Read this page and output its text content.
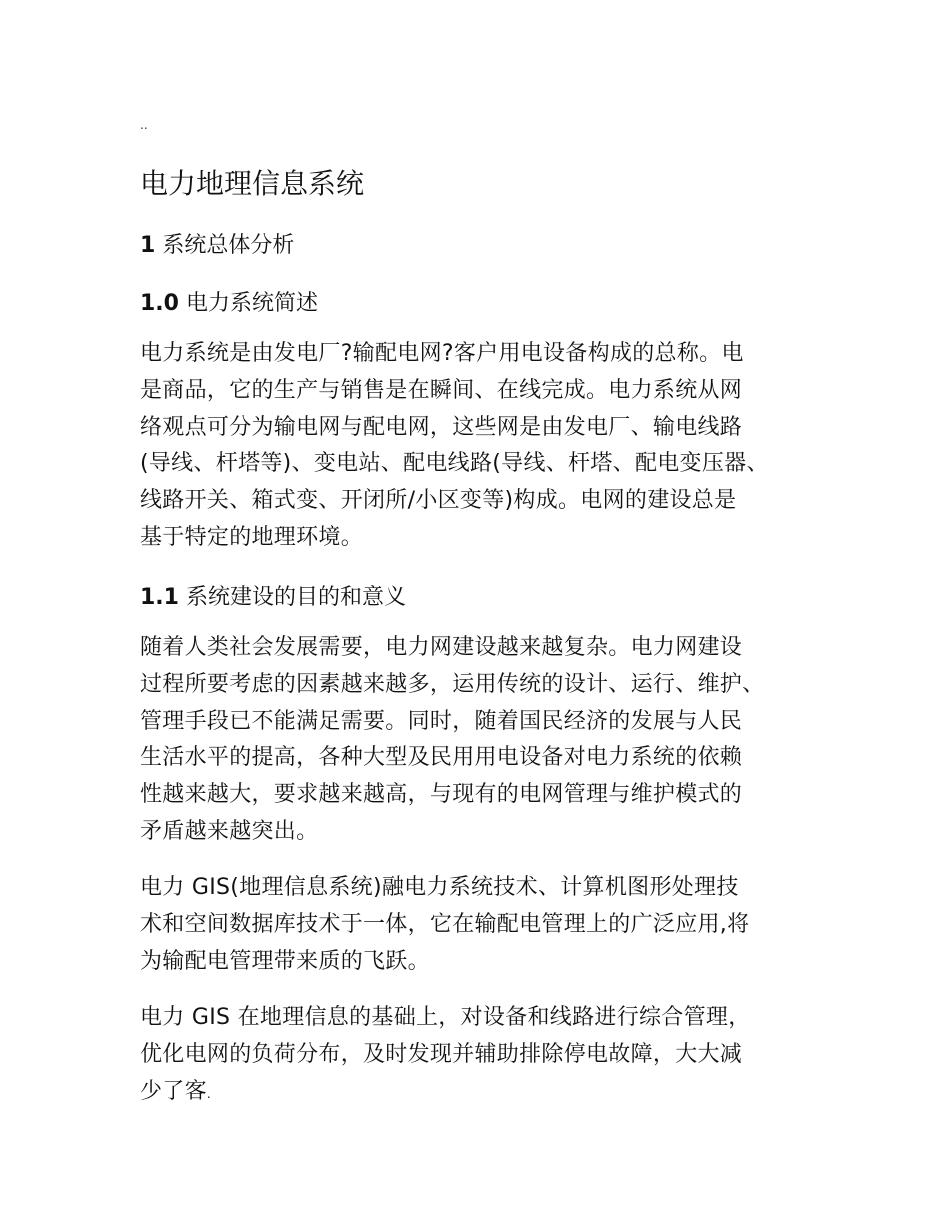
..
电力地理信息系统
1 系统总体分析
1.0 电力系统简述
电力系统是由发电厂?输配电网?客户用电设备构成的总称。电
是商品，它的生产与销售是在瞬间、在线完成。电力系统从网
络观点可分为输电网与配电网，这些网是由发电厂、输电线路
(导线、杆塔等)、变电站、配电线路(导线、杆塔、配电变压器、
线路开关、箱式变、开闭所/小区变等)构成。电网的建设总是
基于特定的地理环境。
1.1 系统建设的目的和意义
随着人类社会发展需要，电力网建设越来越复杂。电力网建设
过程所要考虑的因素越来越多，运用传统的设计、运行、维护、
管理手段已不能满足需要。同时，随着国民经济的发展与人民
生活水平的提高，各种大型及民用用电设备对电力系统的依赖
性越来越大，要求越来越高，与现有的电网管理与维护模式的
矛盾越来越突出。
电力 GIS(地理信息系统)融电力系统技术、计算机图形处理技
术和空间数据库技术于一体，它在输配电管理上的广泛应用,将
为输配电管理带来质的飞跃。
电力 GIS 在地理信息的基础上，对设备和线路进行综合管理，
优化电网的负荷分布，及时发现并辅助排除停电故障，大大减
少了客.
